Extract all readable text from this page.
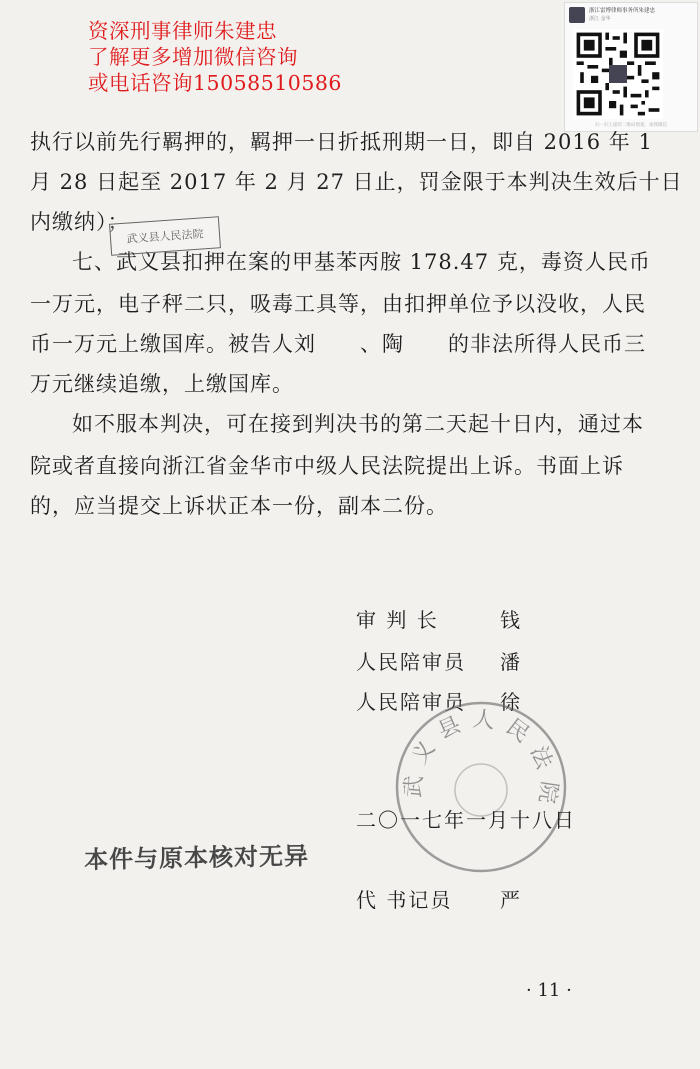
资深刑事律师朱建忠
了解更多增加微信咨询
或电话咨询15058510586
浙江雷博律师事务所朱建忠
浙江 金华
扫一扫上面的二维码图案，加我微信
执行以前先行羁押的，羁押一日折抵刑期一日，即自 2016 年 1
月 28 日起至 2017 年 2 月 27 日止，罚金限于本判决生效后十日
内缴纳）；
七、武义县扣押在案的甲基苯丙胺 178.47 克，毒资人民币
一万元，电子秤二只，吸毒工具等，由扣押单位予以没收，人民
币一万元上缴国库。被告人刘　　、陶　　的非法所得人民币三
万元继续追缴，上缴国库。
如不服本判决，可在接到判决书的第二天起十日内，通过本
院或者直接向浙江省金华市中级人民法院提出上诉。书面上诉
的，应当提交上诉状正本一份，副本二份。
武义县人民法院
审 判 长	钱
人民陪审员 潘
人民陪审员 徐
武义县人民法院
二〇一七年一月十八日
本件与原本核对无异
代 书记员 严
· 11 ·
